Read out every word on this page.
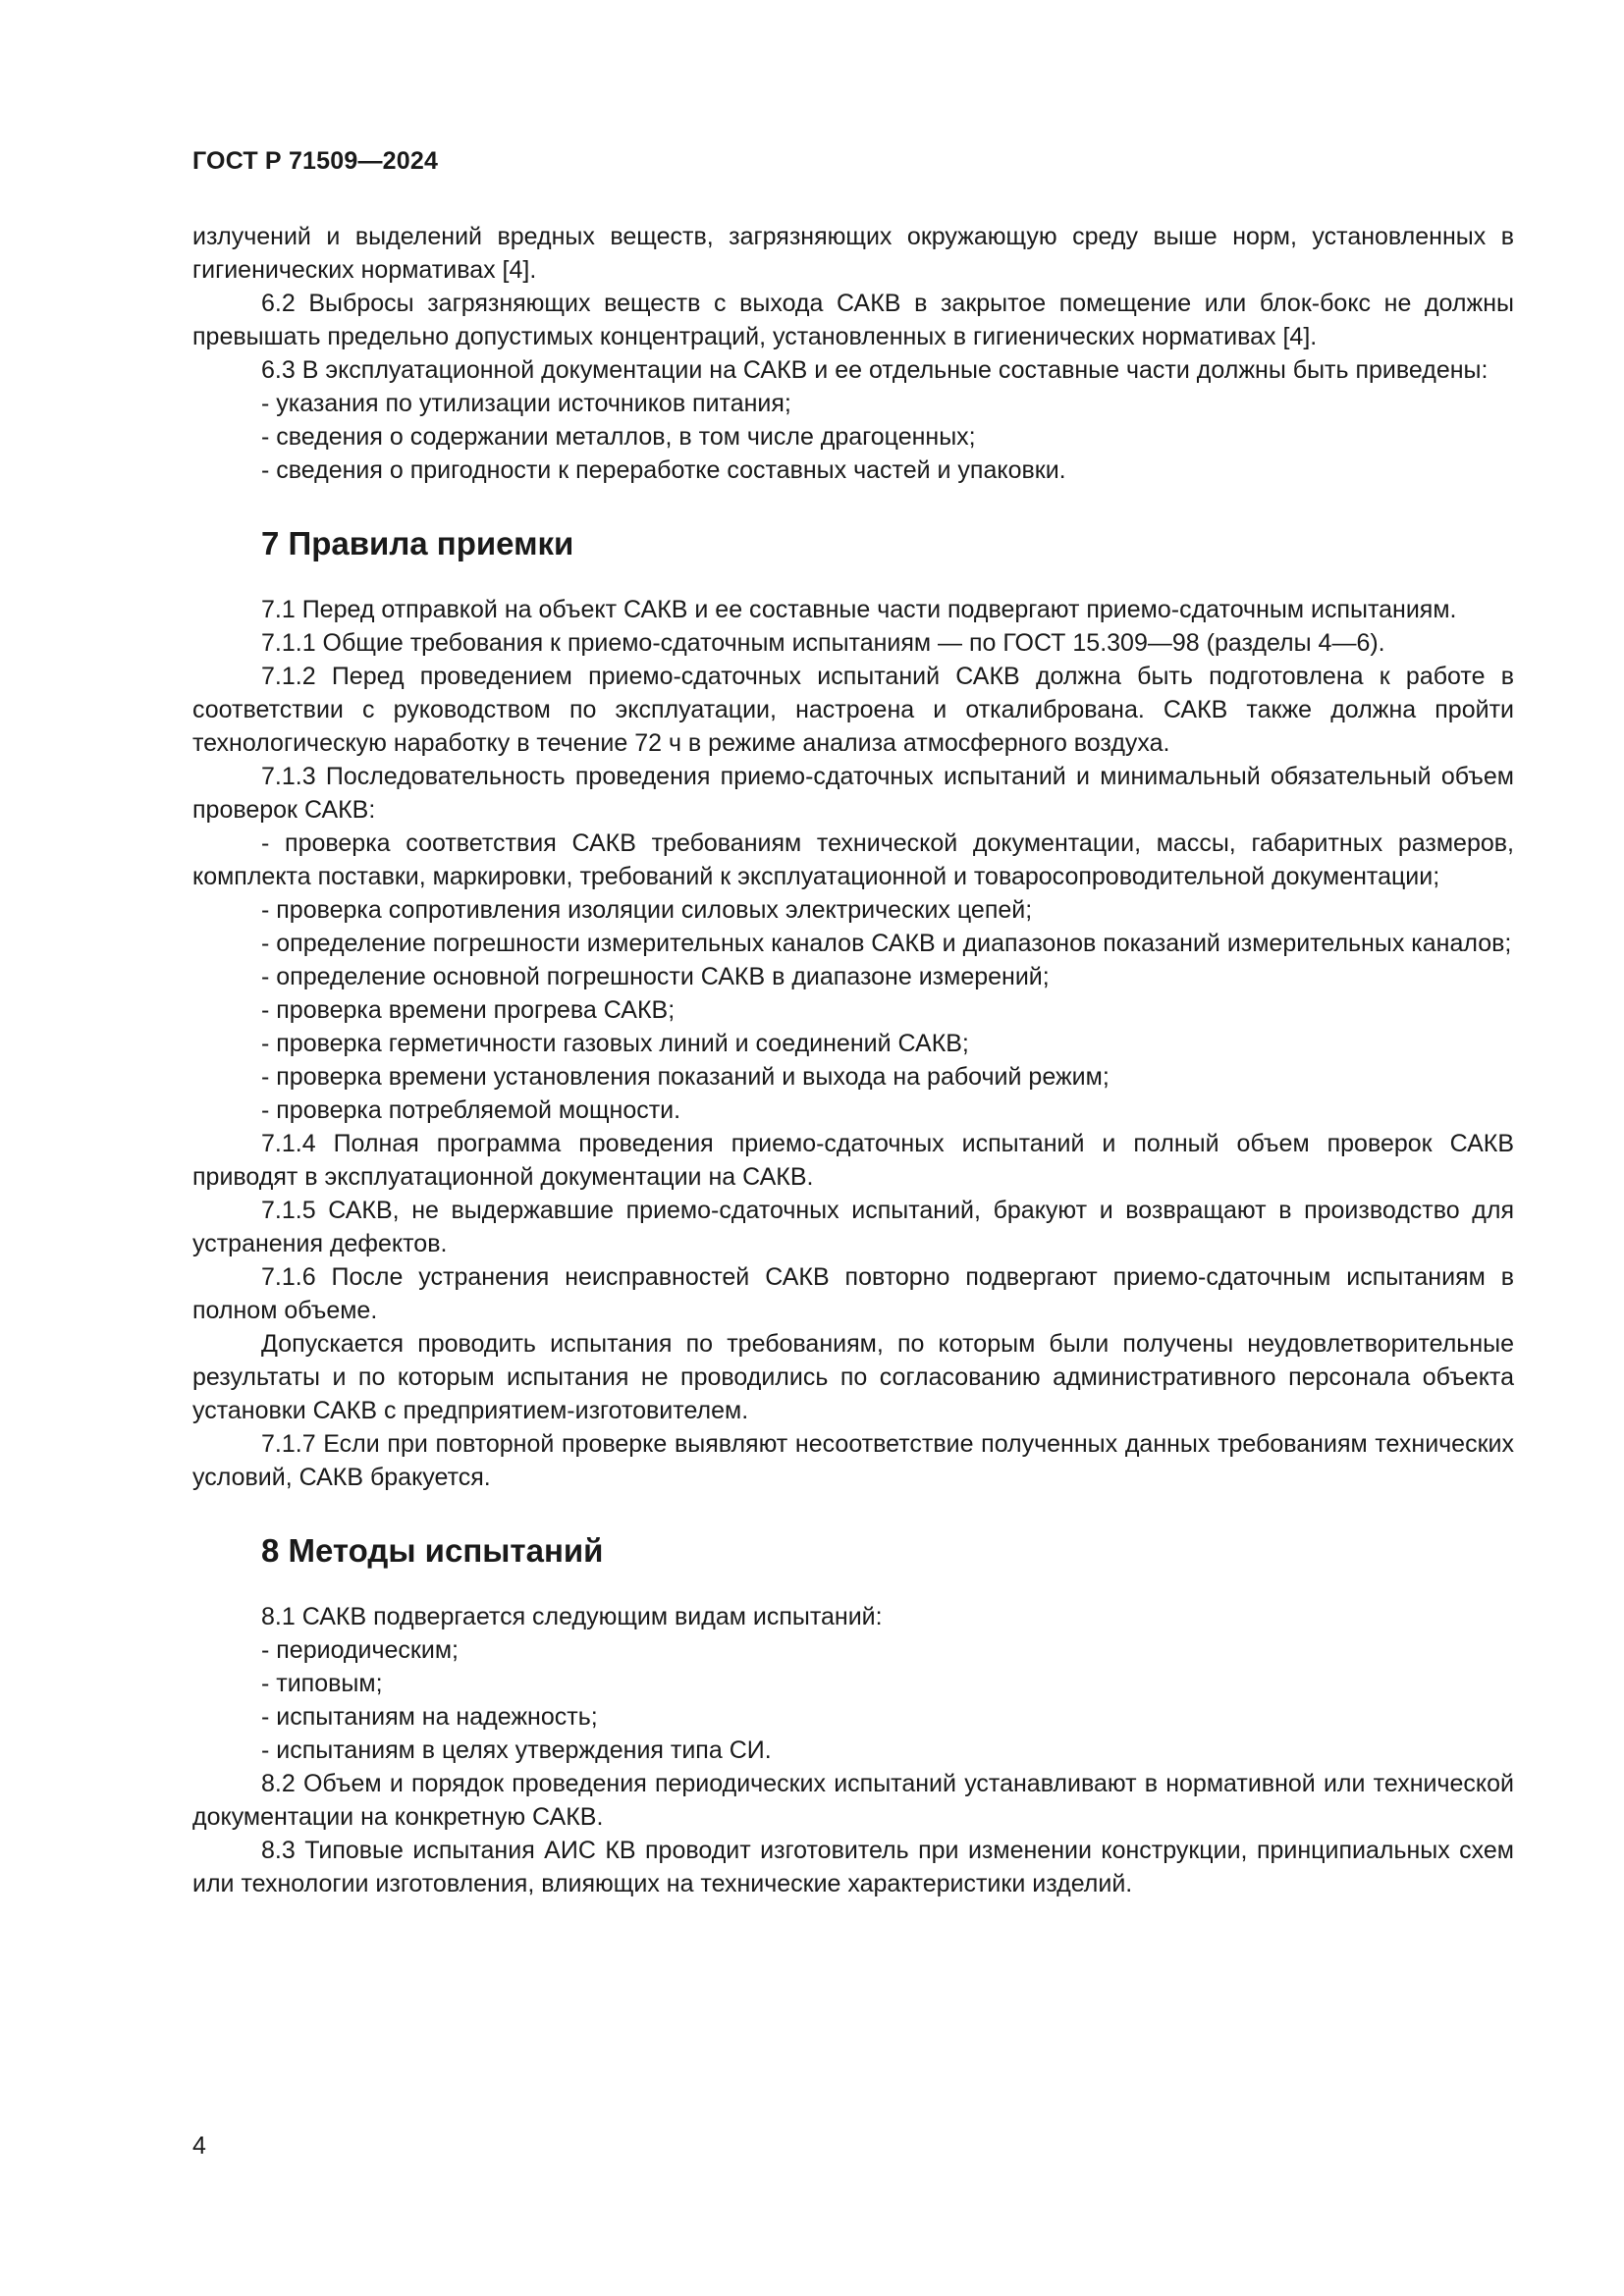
ГОСТ Р 71509—2024

излучений и выделений вредных веществ, загрязняющих окружающую среду выше норм, установленных в гигиенических нормативах [4].

6.2 Выбросы загрязняющих веществ с выхода САКВ в закрытое помещение или блок-бокс не должны превышать предельно допустимых концентраций, установленных в гигиенических нормативах [4].

6.3 В эксплуатационной документации на САКВ и ее отдельные составные части должны быть приведены:

- указания по утилизации источников питания;

- сведения о содержании металлов, в том числе драгоценных;

- сведения о пригодности к переработке составных частей и упаковки.

7 Правила приемки

7.1 Перед отправкой на объект САКВ и ее составные части подвергают приемо-сдаточным испытаниям.

7.1.1 Общие требования к приемо-сдаточным испытаниям — по ГОСТ 15.309—98 (разделы 4—6).

7.1.2 Перед проведением приемо-сдаточных испытаний САКВ должна быть подготовлена к работе в соответствии с руководством по эксплуатации, настроена и откалибрована. САКВ также должна пройти технологическую наработку в течение 72 ч в режиме анализа атмосферного воздуха.

7.1.3 Последовательность проведения приемо-сдаточных испытаний и минимальный обязательный объем проверок САКВ:

- проверка соответствия САКВ требованиям технической документации, массы, габаритных размеров, комплекта поставки, маркировки, требований к эксплуатационной и товаросопроводительной документации;

- проверка сопротивления изоляции силовых электрических цепей;

- определение погрешности измерительных каналов САКВ и диапазонов показаний измерительных каналов;

- определение основной погрешности САКВ в диапазоне измерений;

- проверка времени прогрева САКВ;

- проверка герметичности газовых линий и соединений САКВ;

- проверка времени установления показаний и выхода на рабочий режим;

- проверка потребляемой мощности.

7.1.4 Полная программа проведения приемо-сдаточных испытаний и полный объем проверок САКВ приводят в эксплуатационной документации на САКВ.

7.1.5 САКВ, не выдержавшие приемо-сдаточных испытаний, бракуют и возвращают в производство для устранения дефектов.

7.1.6 После устранения неисправностей САКВ повторно подвергают приемо-сдаточным испытаниям в полном объеме.

Допускается проводить испытания по требованиям, по которым были получены неудовлетворительные результаты и по которым испытания не проводились по согласованию административного персонала объекта установки САКВ с предприятием-изготовителем.

7.1.7 Если при повторной проверке выявляют несоответствие полученных данных требованиям технических условий, САКВ бракуется.

8 Методы испытаний

8.1 САКВ подвергается следующим видам испытаний:

- периодическим;

- типовым;

- испытаниям на надежность;

- испытаниям в целях утверждения типа СИ.

8.2 Объем и порядок проведения периодических испытаний устанавливают в нормативной или технической документации на конкретную САКВ.

8.3 Типовые испытания АИС КВ проводит изготовитель при изменении конструкции, принципиальных схем или технологии изготовления, влияющих на технические характеристики изделий.

4
